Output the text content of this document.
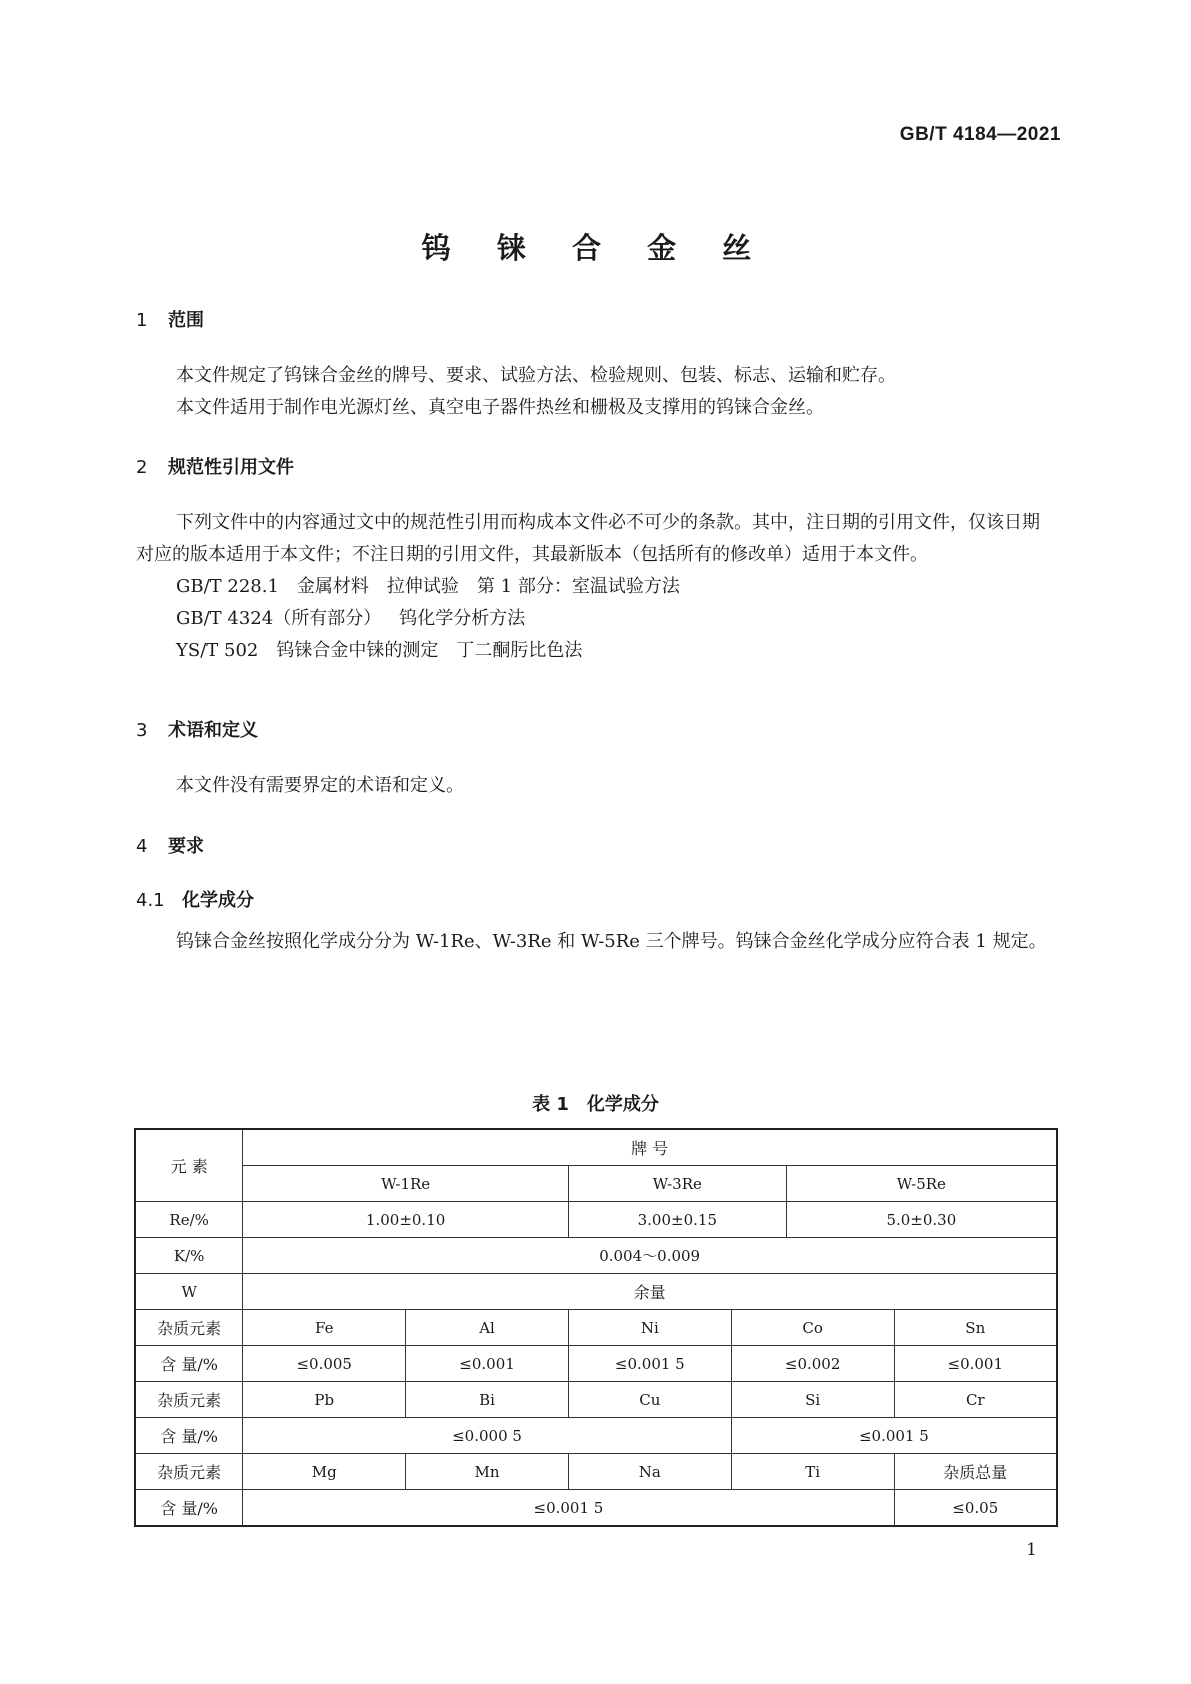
GB/T 4184—2021
钨 铼 合 金 丝
1 范围

本文件规定了钨铼合金丝的牌号、要求、试验方法、检验规则、包装、标志、运输和贮存。

本文件适用于制作电光源灯丝、真空电子器件热丝和栅极及支撑用的钨铼合金丝。

2 规范性引用文件

下列文件中的内容通过文中的规范性引用而构成本文件必不可少的条款。其中，注日期的引用文件，仅该日期对应的版本适用于本文件；不注日期的引用文件，其最新版本（包括所有的修改单）适用于本文件。

GB/T 228.1 金属材料　拉伸试验　第 1 部分：室温试验方法

GB/T 4324（所有部分） 钨化学分析方法

YS/T 502 钨铼合金中铼的测定　丁二酮肟比色法

3 术语和定义

本文件没有需要界定的术语和定义。

4 要求
4.1 化学成分

钨铼合金丝按照化学成分分为 W-1Re、W-3Re 和 W-5Re 三个牌号。钨铼合金丝化学成分应符合表 1 规定。

表 1 化学成分
元 素	牌 号					
	W-1Re		W-3Re		W-5Re	
Re/%	1.00±0.10		3.00±0.15		5.0±0.30	
K/%	0.004～0.009					
W	余量					
杂质元素	Fe	Al	Ni	Co		Sn
含 量/%	≤0.005	≤0.001	≤0.001 5	≤0.002		≤0.001
杂质元素	Pb	Bi	Cu	Si		Cr
含 量/%	≤0.000 5			≤0.001 5		
杂质元素	Mg	Mn	Na	Ti		杂质总量
含 量/%	≤0.001 5					≤0.05
1
